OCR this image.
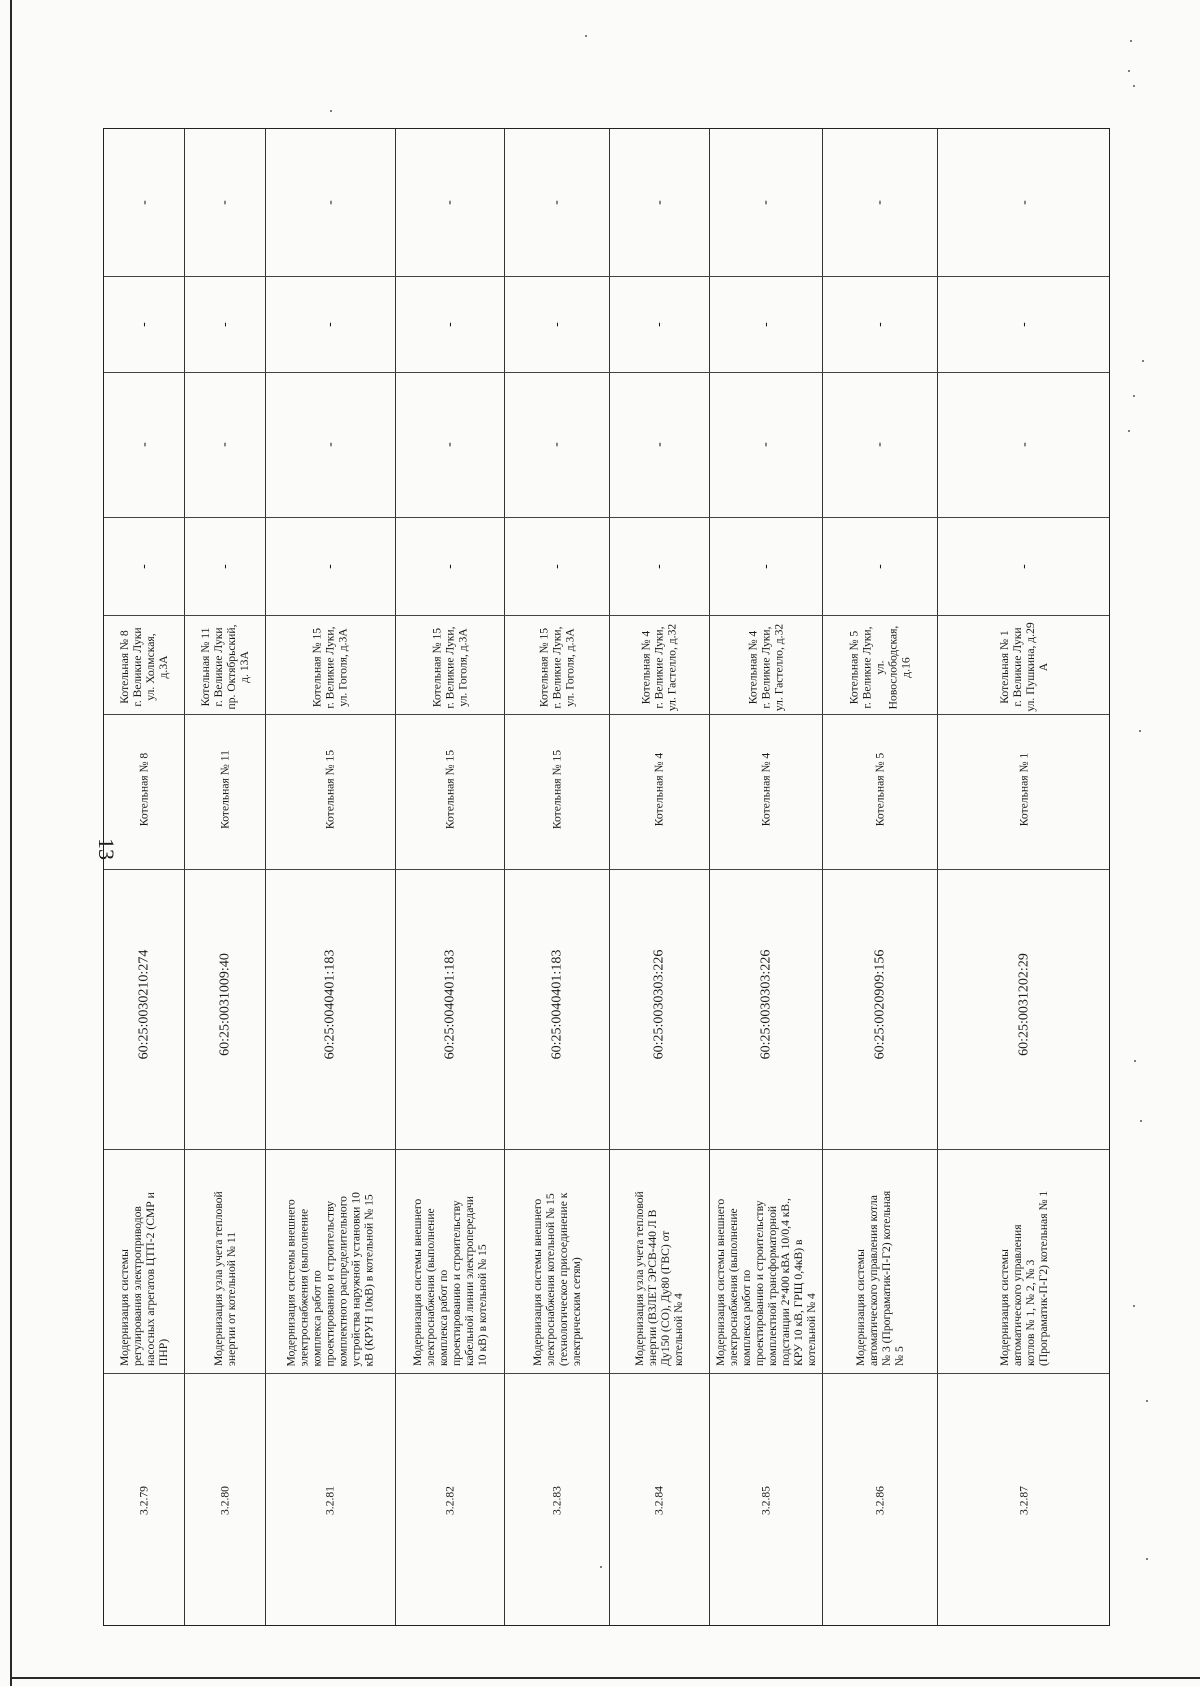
13
3.2.79
Модернизация системы
регулирования электроприводов
насосных агрегатов ЦТП-2 (СМР и
ПНР)
60:25:0030210:274
Котельная № 8
Котельная № 8
г. Великие Луки
ул. Холмская, д.3А
-
-
-
-
3.2.80
Модернизация узла учета тепловой
энергии от котельной № 11
60:25:0031009:40
Котельная № 11
Котельная № 11
г. Великие Луки
пр. Октябрьский,
д. 13А
-
-
-
-
3.2.81
Модернизация системы внешнего
электроснабжения (выполнение
комплекса работ по
проектированию и строительству
комплектного распределительного
устройства наружной установки 10
кВ (КРУН 10кВ) в котельной № 15
60:25:0040401:183
Котельная № 15
Котельная № 15
г. Великие Луки,
ул. Гоголя, д.3А
-
-
-
-
3.2.82
Модернизация системы внешнего
электроснабжения (выполнение
комплекса работ по
проектированию и строительству
кабельной линии электропередачи
10 кВ) в котельной № 15
60:25:0040401:183
Котельная № 15
Котельная № 15
г. Великие Луки,
ул. Гоголя, д.3А
-
-
-
-
3.2.83
Модернизация системы внешнего
электроснабжения котельной № 15
(технологическое присоединение к
электрическим сетям)
60:25:0040401:183
Котельная № 15
Котельная № 15
г. Великие Луки,
ул. Гоголя, д.3А
-
-
-
-
3.2.84
Модернизация узла учета тепловой
энергии (ВЗЛЕТ ЭРСВ-440 Л В
Ду150 (СО), Ду80 (ГВС) от
котельной № 4
60:25:0030303:226
Котельная № 4
Котельная № 4
г. Великие Луки,
ул. Гастелло, д.32
-
-
-
-
3.2.85
Модернизация системы внешнего
электроснабжения (выполнение
комплекса работ по
проектированию и строительству
комплектной трансформаторной
подстанции 2*400 кВА 10/0,4 кВ.,
КРУ 10 кВ, ГРЩ 0,4кВ) в
котельной № 4
60:25:0030303:226
Котельная № 4
Котельная № 4
г. Великие Луки,
ул. Гастелло, д.32
-
-
-
-
3.2.86
Модернизация системы
автоматического управления котла
№ 3 (Програматик-П-Г2) котельная
№ 5
60:25:0020909:156
Котельная № 5
Котельная № 5
г. Великие Луки,
ул. Новослободская,
д.16
-
-
-
-
3.2.87
Модернизация системы
автоматического управления
котлов № 1, № 2, № 3
(Програматик-П-Г2) котельная № 1
60:25:0031202:29
Котельная № 1
Котельная № 1
г. Великие Луки
ул. Пушкина, д.29 А
-
-
-
-
